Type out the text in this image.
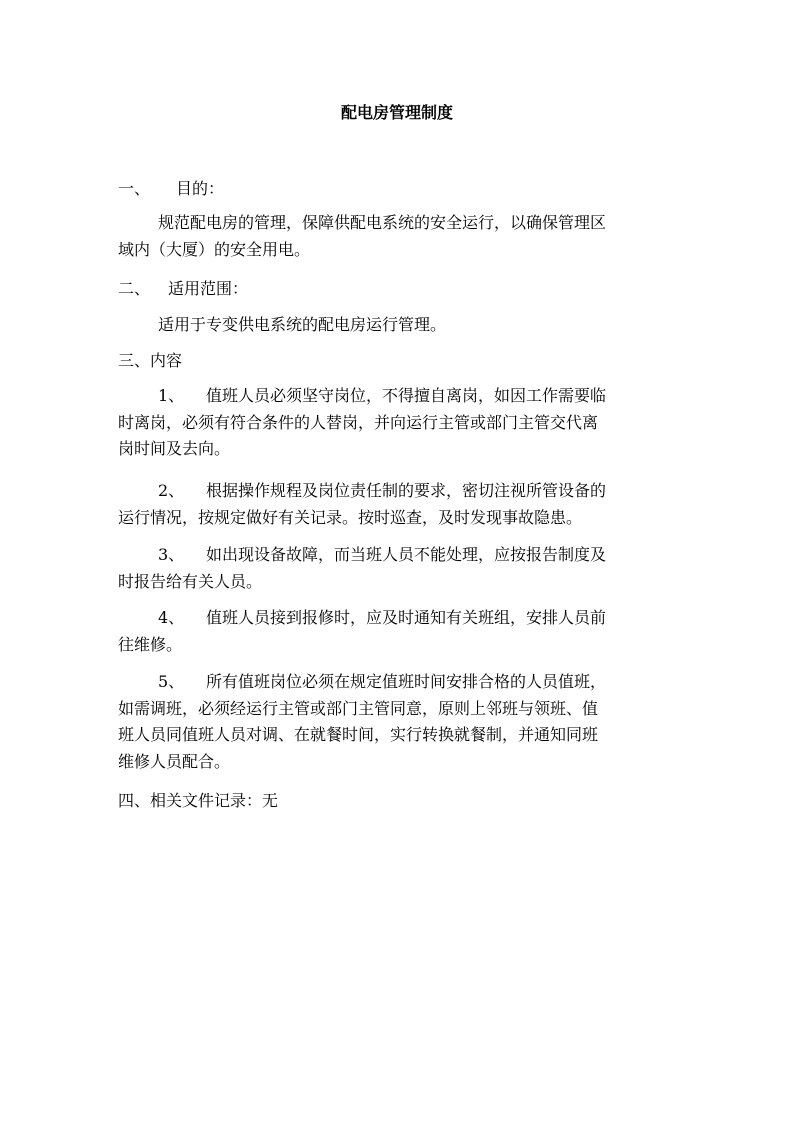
配电房管理制度
一、 目的：
规范配电房的管理，保障供配电系统的安全运行，以确保管理区
域内（大厦）的安全用电。
二、 适用范围：
适用于专变供电系统的配电房运行管理。
三、内容
1、 值班人员必须坚守岗位，不得擅自离岗，如因工作需要临
时离岗，必须有符合条件的人替岗，并向运行主管或部门主管交代离
岗时间及去向。
2、 根据操作规程及岗位责任制的要求，密切注视所管设备的
运行情况，按规定做好有关记录。按时巡查，及时发现事故隐患。
3、 如出现设备故障，而当班人员不能处理，应按报告制度及
时报告给有关人员。
4、 值班人员接到报修时，应及时通知有关班组，安排人员前
往维修。
5、 所有值班岗位必须在规定值班时间安排合格的人员值班，
如需调班，必须经运行主管或部门主管同意，原则上邻班与领班、值
班人员同值班人员对调、在就餐时间，实行转换就餐制，并通知同班
维修人员配合。
四、相关文件记录：无
